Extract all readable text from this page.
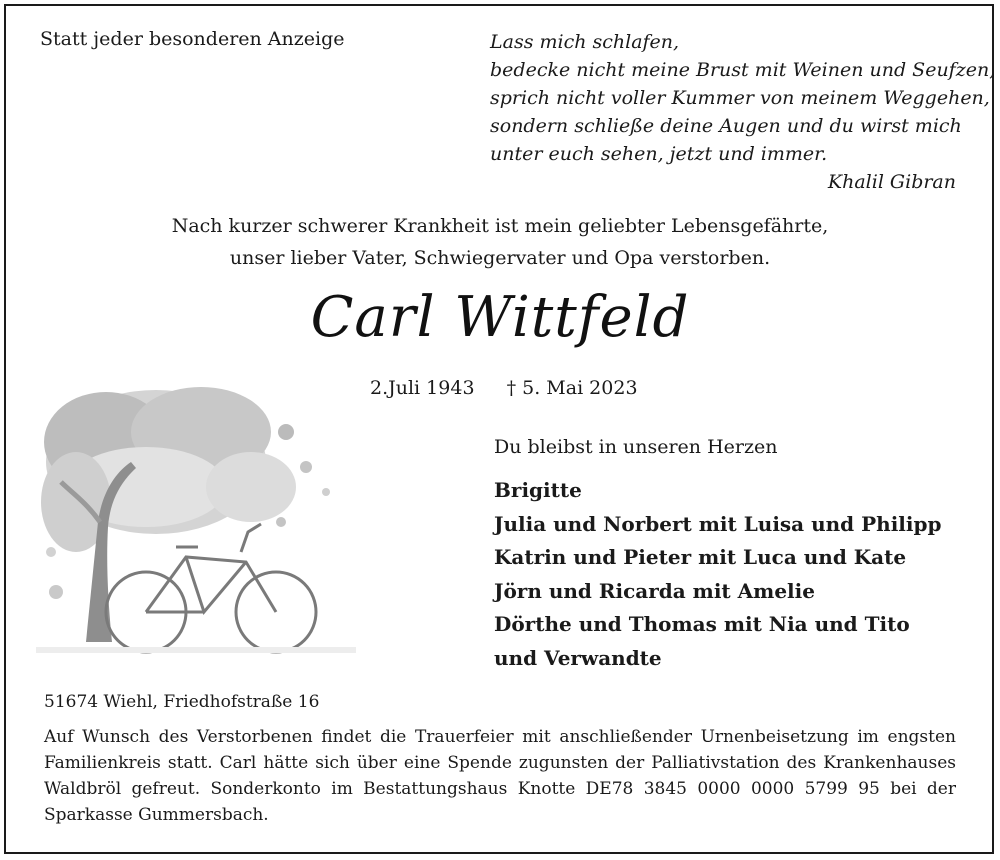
Statt jeder besonderen Anzeige	Lass mich schlafen,
bedecke nicht meine Brust mit Weinen und Seufzen,
sprich nicht voller Kummer von meinem Weggehen,
sondern schließe deine Augen und du wirst mich
unter euch sehen, jetzt und immer.
Khalil Gibran
Nach kurzer schwerer Krankheit ist mein geliebter Lebensgefährte,
unser lieber Vater, Schwiegervater und Opa verstorben.
Carl Wittfeld
2.Juli 1943 † 5. Mai 2023
Du bleibst in unseren Herzen
Brigitte
Julia und Norbert mit Luisa und Philipp
Katrin und Pieter mit Luca und Kate
Jörn und Ricarda mit Amelie
Dörthe und Thomas mit Nia und Tito
und Verwandte
51674 Wiehl, Friedhofstraße 16
Auf Wunsch des Verstorbenen findet die Trauerfeier mit anschließender Urnenbeisetzung im engsten Familienkreis statt. Carl hätte sich über eine Spende zugunsten der Palliativstation des Krankenhauses Waldbröl gefreut. Sonderkonto im Bestattungshaus Knotte DE78 3845 0000 0000 5799 95 bei der Sparkasse Gummersbach.
